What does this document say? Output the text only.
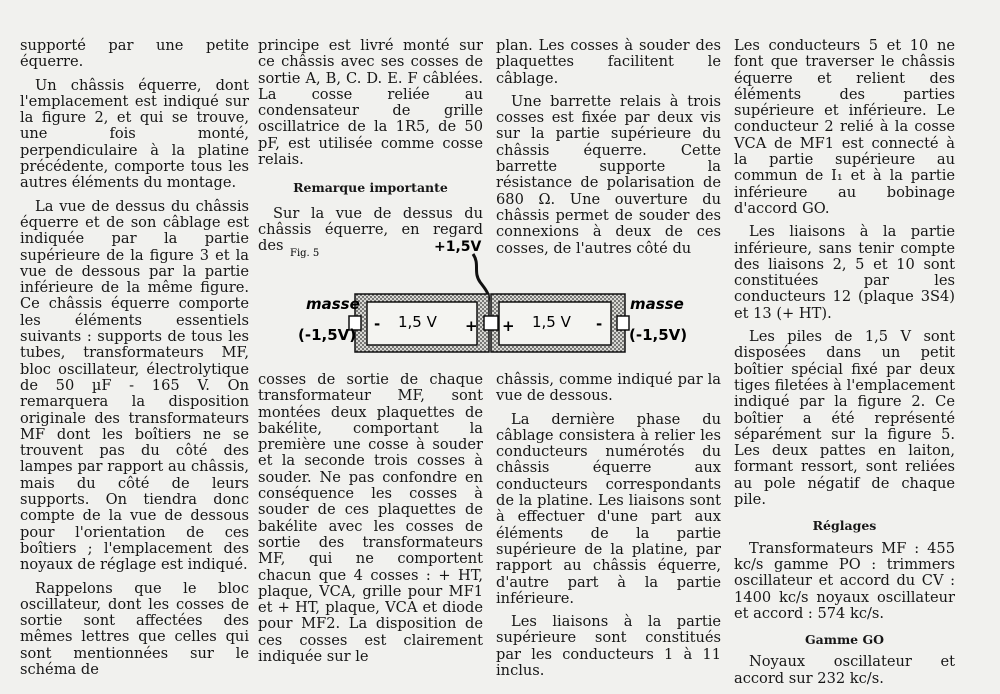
supporté par une petite équerre.

Un châssis équerre, dont l'emplacement est indiqué sur la figure 2, et qui se trouve, une fois monté, perpendiculaire à la platine précédente, comporte tous les autres éléments du montage.

La vue de dessus du châssis équerre et de son câblage est indiquée par la partie supérieure de la figure 3 et la vue de dessous par la partie inférieure de la même figure. Ce châssis équerre comporte les éléments essentiels suivants : supports de tous les tubes, transformateurs MF, bloc oscillateur, électrolytique de 50 µF - 165 V. On remarquera la disposition originale des transformateurs MF dont les boîtiers ne se trouvent pas du côté des lampes par rapport au châssis, mais du côté de leurs supports. On tiendra donc compte de la vue de dessous pour l'orientation de ces boîtiers ; l'emplacement des noyaux de réglage est indiqué.

Rappelons que le bloc oscillateur, dont les cosses de sortie sont affectées des mêmes lettres que celles qui sont mentionnées sur le schéma de

principe est livré monté sur ce châssis avec ses cosses de sortie A, B, C. D. E. F câblées. La cosse reliée au condensateur de grille oscillatrice de la 1R5, de 50 pF, est utilisée comme cosse relais.

Remarque importante

Sur la vue de dessus du châssis équerre, en regard des Fig. 5	+1,5V
- 1,5 V + + 1,5 V -
masse
(-1,5V)
masse
(-1,5V)

cosses de sortie de chaque transformateur MF, sont montées deux plaquettes de bakélite, comportant la première une cosse à souder et la seconde trois cosses à souder. Ne pas confondre en conséquence les cosses à souder de ces plaquettes de bakélite avec les cosses de sortie des transformateurs MF, qui ne comportent chacun que 4 cosses : + HT, plaque, VCA, grille pour MF1 et + HT, plaque, VCA et diode pour MF2. La disposition de ces cosses est clairement indiquée sur le

plan. Les cosses à souder des plaquettes facilitent le câblage.

Une barrette relais à trois cosses est fixée par deux vis sur la partie supérieure du châssis équerre. Cette barrette supporte la résistance de polarisation de 680 Ω. Une ouverture du châssis permet de souder des connexions à deux de ces cosses, de l'autres côté du

châssis, comme indiqué par la vue de dessous.

La dernière phase du câblage consistera à relier les conducteurs numérotés du châssis équerre aux conducteurs correspondants de la platine. Les liaisons sont à effectuer d'une part aux éléments de la partie supérieure de la platine, par rapport au châssis équerre, d'autre part à la partie inférieure.

Les liaisons à la partie supérieure sont constitués par les conducteurs 1 à 11 inclus.

Les conducteurs 5 et 10 ne font que traverser le châssis équerre et relient des éléments des parties supérieure et inférieure. Le conducteur 2 relié à la cosse VCA de MF1 est connecté à la partie supérieure au commun de I₁ et à la partie inférieure au bobinage d'accord GO.

Les liaisons à la partie inférieure, sans tenir compte des liaisons 2, 5 et 10 sont constituées par les conducteurs 12 (plaque 3S4) et 13 (+ HT).

Les piles de 1,5 V sont disposées dans un petit boîtier spécial fixé par deux tiges filetées à l'emplacement indiqué par la figure 2. Ce boîtier a été représenté séparément sur la figure 5. Les deux pattes en laiton, formant ressort, sont reliées au pole négatif de chaque pile.

Réglages

Transformateurs MF : 455 kc/s gamme PO : trimmers oscillateur et accord du CV : 1400 kc/s noyaux oscillateur et accord : 574 kc/s.

Gamme GO

Noyaux oscillateur et accord sur 232 kc/s.
